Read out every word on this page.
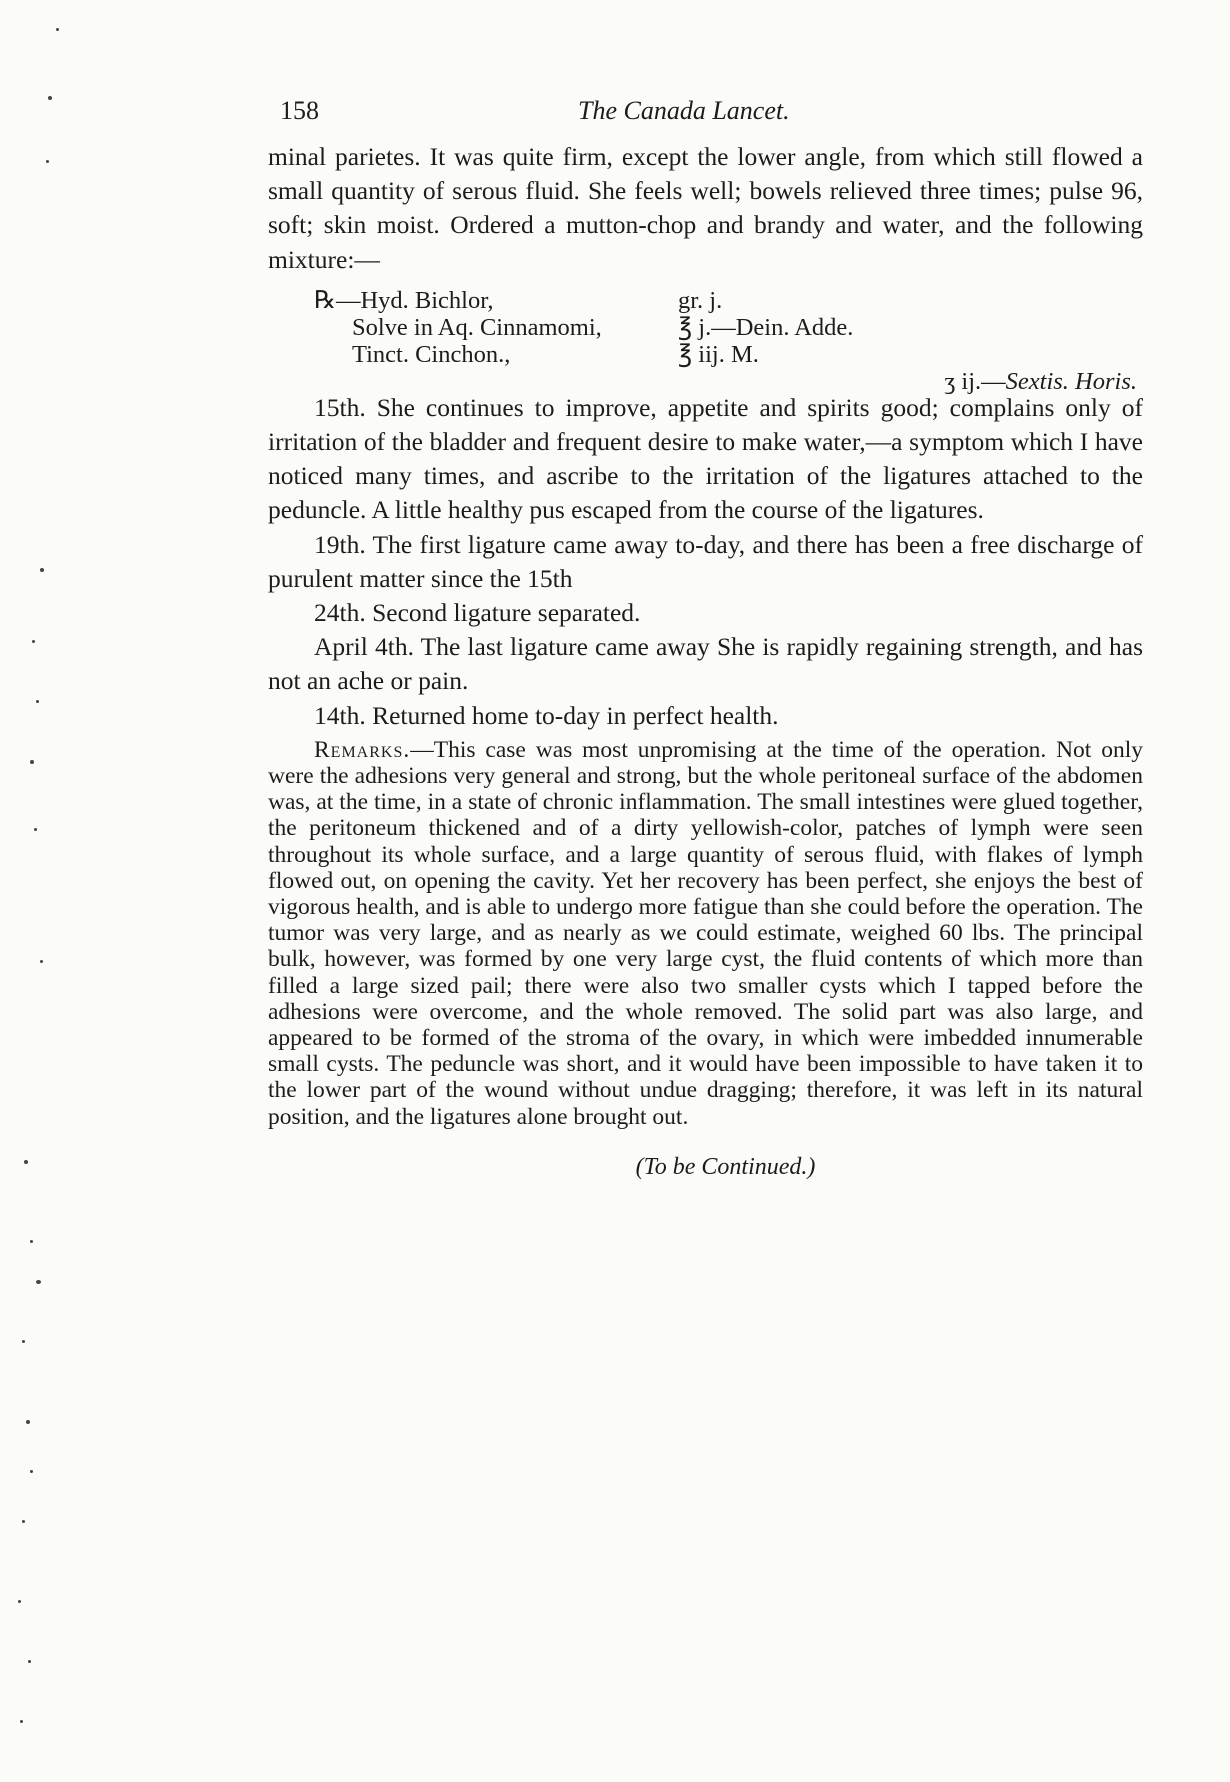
158	The Canada Lancet.

minal parietes. It was quite firm, except the lower angle, from which still flowed a small quantity of serous fluid. She feels well; bowels relieved three times; pulse 96, soft; skin moist. Ordered a mutton-chop and brandy and water, and the following mixture:—

℞—Hyd. Bichlor,	gr. j.
Solve in Aq. Cinnamomi,	℥ j.—Dein. Adde.
Tinct. Cinchon.,	℥ iij. M.
ʒ ij.—Sextis. Horis.

15th. She continues to improve, appetite and spirits good; complains only of irritation of the bladder and frequent desire to make water,—a symptom which I have noticed many times, and ascribe to the irritation of the ligatures attached to the peduncle. A little healthy pus escaped from the course of the ligatures.

19th. The first ligature came away to-day, and there has been a free discharge of purulent matter since the 15th

24th. Second ligature separated.

April 4th. The last ligature came away She is rapidly regaining strength, and has not an ache or pain.

14th. Returned home to-day in perfect health.

Remarks.—This case was most unpromising at the time of the operation. Not only were the adhesions very general and strong, but the whole peritoneal surface of the abdomen was, at the time, in a state of chronic inflammation. The small intestines were glued together, the peritoneum thickened and of a dirty yellowish-color, patches of lymph were seen throughout its whole surface, and a large quantity of serous fluid, with flakes of lymph flowed out, on opening the cavity. Yet her recovery has been perfect, she enjoys the best of vigorous health, and is able to undergo more fatigue than she could before the operation. The tumor was very large, and as nearly as we could estimate, weighed 60 lbs. The principal bulk, however, was formed by one very large cyst, the fluid contents of which more than filled a large sized pail; there were also two smaller cysts which I tapped before the adhesions were overcome, and the whole removed. The solid part was also large, and appeared to be formed of the stroma of the ovary, in which were imbedded innumerable small cysts. The peduncle was short, and it would have been impossible to have taken it to the lower part of the wound without undue dragging; therefore, it was left in its natural position, and the ligatures alone brought out.

(To be Continued.)
